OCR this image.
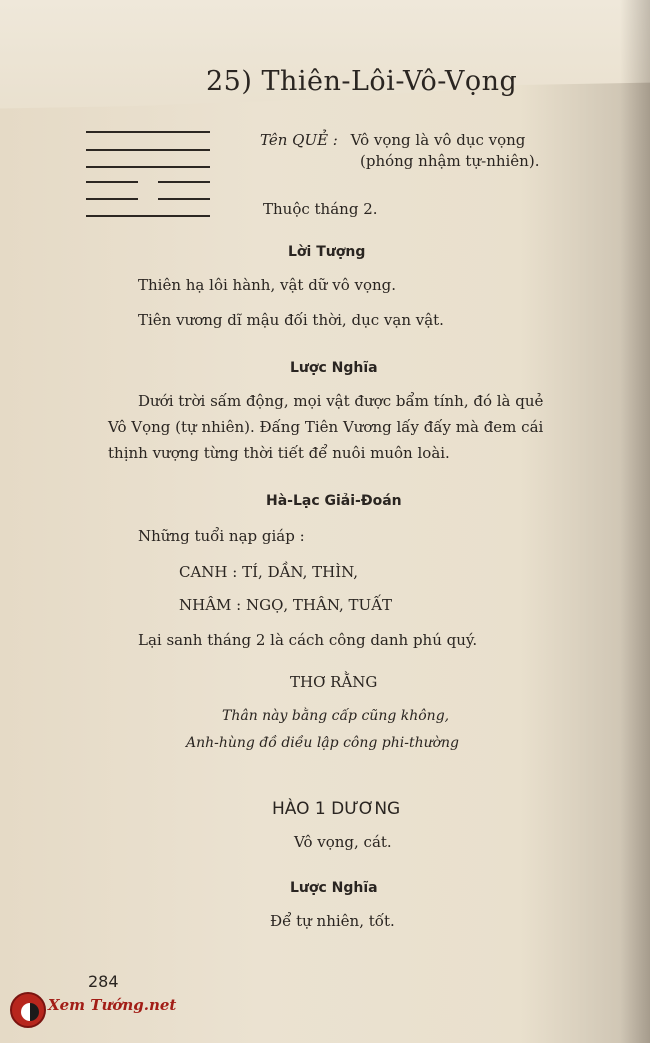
25) Thiên-Lôi-Vô-Vọng
Tên QUẺ : Vô vọng là vô dục vọng
(phóng nhậm tự-nhiên).
Thuộc tháng 2.
Lời Tượng
Thiên hạ lôi hành, vật dữ vô vọng.
Tiên vương dĩ mậu đối thời, dục vạn vật.
Lược Nghĩa
Dưới trời sấm động, mọi vật được bẩm tính, đó là quẻ
Vô Vọng (tự nhiên). Đấng Tiên Vương lấy đấy mà đem cái
thịnh vượng từng thời tiết để nuôi muôn loài.
Hà-Lạc Giải-Đoán
Những tuổi nạp giáp :
CANH : TÍ, DẦN, THÌN,
NHÂM : NGỌ, THÂN, TUẤT
Lại sanh tháng 2 là cách công danh phú quý.
THƠ RẰNG
Thân này bằng cấp cũng không,
Anh-hùng đồ diều lập công phi-thường
HÀO 1 DƯƠNG
Vô vọng, cát.
Lược Nghĩa
Để tự nhiên, tốt.
284
Xem Tướng.net
